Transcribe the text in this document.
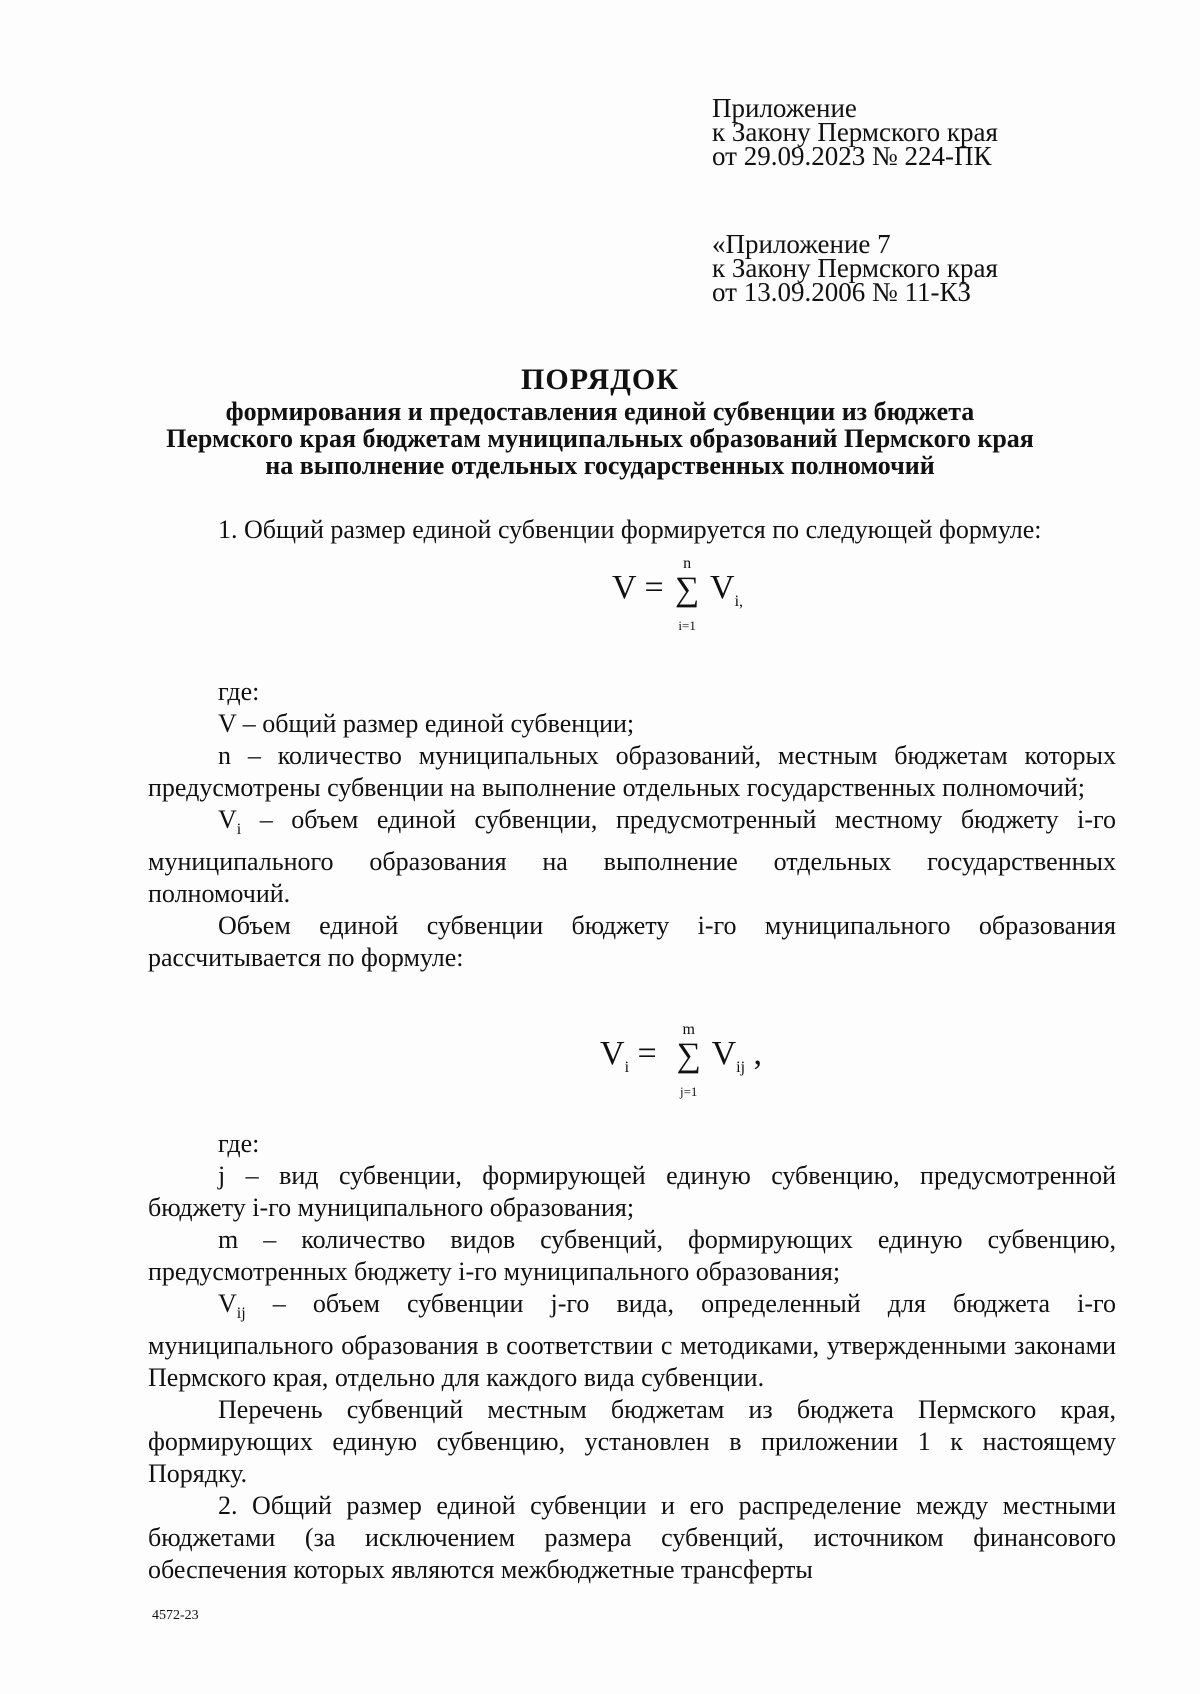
Приложение
к Закону Пермского края
от 29.09.2023 № 224-ПК
«Приложение 7
к Закону Пермского края
от 13.09.2006 № 11-КЗ
ПОРЯДОК
формирования и предоставления единой субвенции из бюджета
Пермского края бюджетам муниципальных образований Пермского края
на выполнение отдельных государственных полномочий

1. Общий размер единой субвенции формируется по следующей формуле:

V =
n
∑
i=1
$V_{i,}$

где:

V – общий размер единой субвенции;

n – количество муниципальных образований, местным бюджетам которых предусмотрены субвенции на выполнение отдельных государственных полномочий;

$V_i$ – объем единой субвенции, предусмотренный местному бюджету i-го муниципального образования на выполнение отдельных государственных полномочий.

Объем единой субвенции бюджету i-го муниципального образования рассчитывается по формуле:

$V_i$ =
m
∑
j=1
$V_{ij}$ ,

где:

j – вид субвенции, формирующей единую субвенцию, предусмотренной бюджету i-го муниципального образования;

m – количество видов субвенций, формирующих единую субвенцию, предусмотренных бюджету i-го муниципального образования;

$V_{ij}$ – объем субвенции j-го вида, определенный для бюджета i-го муниципального образования в соответствии с методиками, утвержденными законами Пермского края, отдельно для каждого вида субвенции.

Перечень субвенций местным бюджетам из бюджета Пермского края, формирующих единую субвенцию, установлен в приложении 1 к настоящему Порядку.

2. Общий размер единой субвенции и его распределение между местными бюджетами (за исключением размера субвенций, источником финансового обеспечения которых являются межбюджетные трансферты

4572-23
